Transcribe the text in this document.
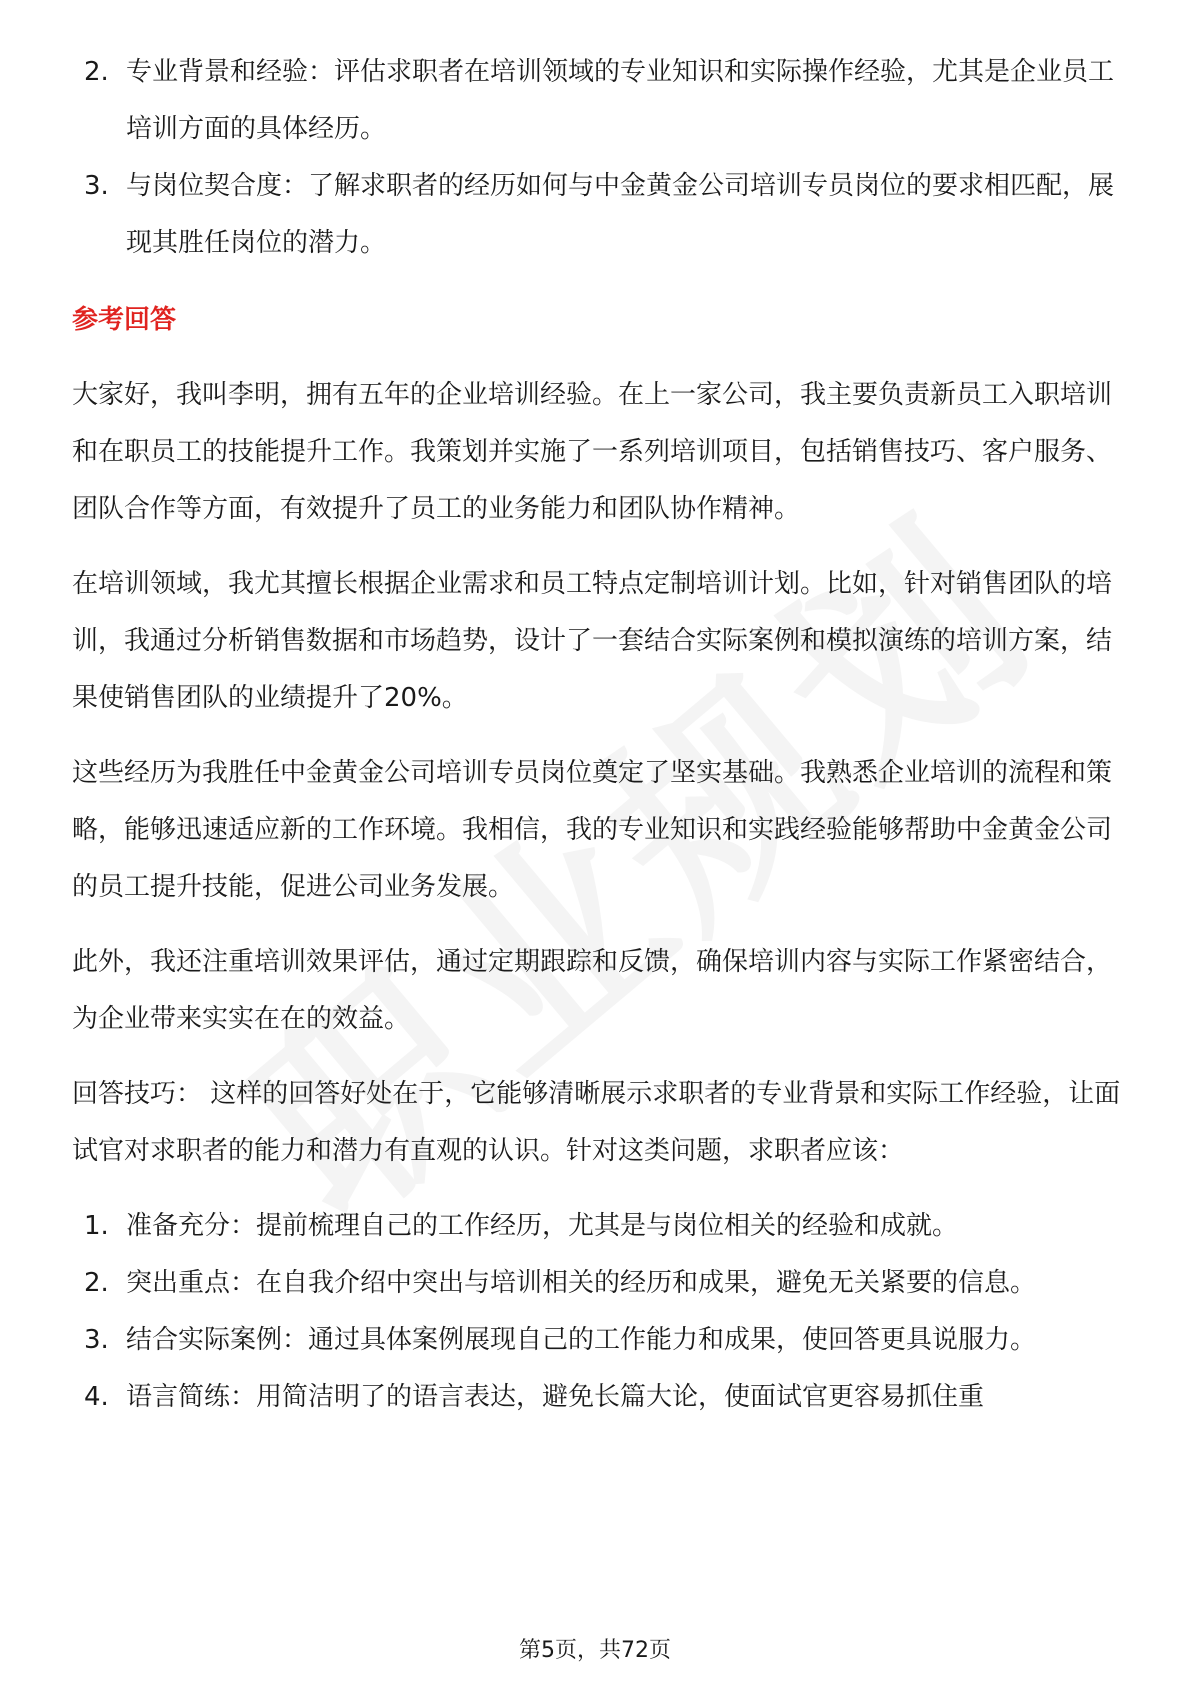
2. 专业背景和经验：评估求职者在培训领域的专业知识和实际操作经验，尤其是企业员工培训方面的具体经历。
3. 与岗位契合度：了解求职者的经历如何与中金黄金公司培训专员岗位的要求相匹配，展现其胜任岗位的潜力。
参考回答

大家好，我叫李明，拥有五年的企业培训经验。在上一家公司，我主要负责新员工入职培训和在职员工的技能提升工作。我策划并实施了一系列培训项目，包括销售技巧、客户服务、团队合作等方面，有效提升了员工的业务能力和团队协作精神。

在培训领域，我尤其擅长根据企业需求和员工特点定制培训计划。比如，针对销售团队的培训，我通过分析销售数据和市场趋势，设计了一套结合实际案例和模拟演练的培训方案，结果使销售团队的业绩提升了20%。

这些经历为我胜任中金黄金公司培训专员岗位奠定了坚实基础。我熟悉企业培训的流程和策略，能够迅速适应新的工作环境。我相信，我的专业知识和实践经验能够帮助中金黄金公司的员工提升技能，促进公司业务发展。

此外，我还注重培训效果评估，通过定期跟踪和反馈，确保培训内容与实际工作紧密结合，为企业带来实实在在的效益。

回答技巧： 这样的回答好处在于，它能够清晰展示求职者的专业背景和实际工作经验，让面试官对求职者的能力和潜力有直观的认识。针对这类问题，求职者应该：

1. 准备充分：提前梳理自己的工作经历，尤其是与岗位相关的经验和成就。
2. 突出重点：在自我介绍中突出与培训相关的经历和成果，避免无关紧要的信息。
3. 结合实际案例：通过具体案例展现自己的工作能力和成果，使回答更具说服力。
4. 语言简练：用简洁明了的语言表达，避免长篇大论，使面试官更容易抓住重
第5页，共72页
